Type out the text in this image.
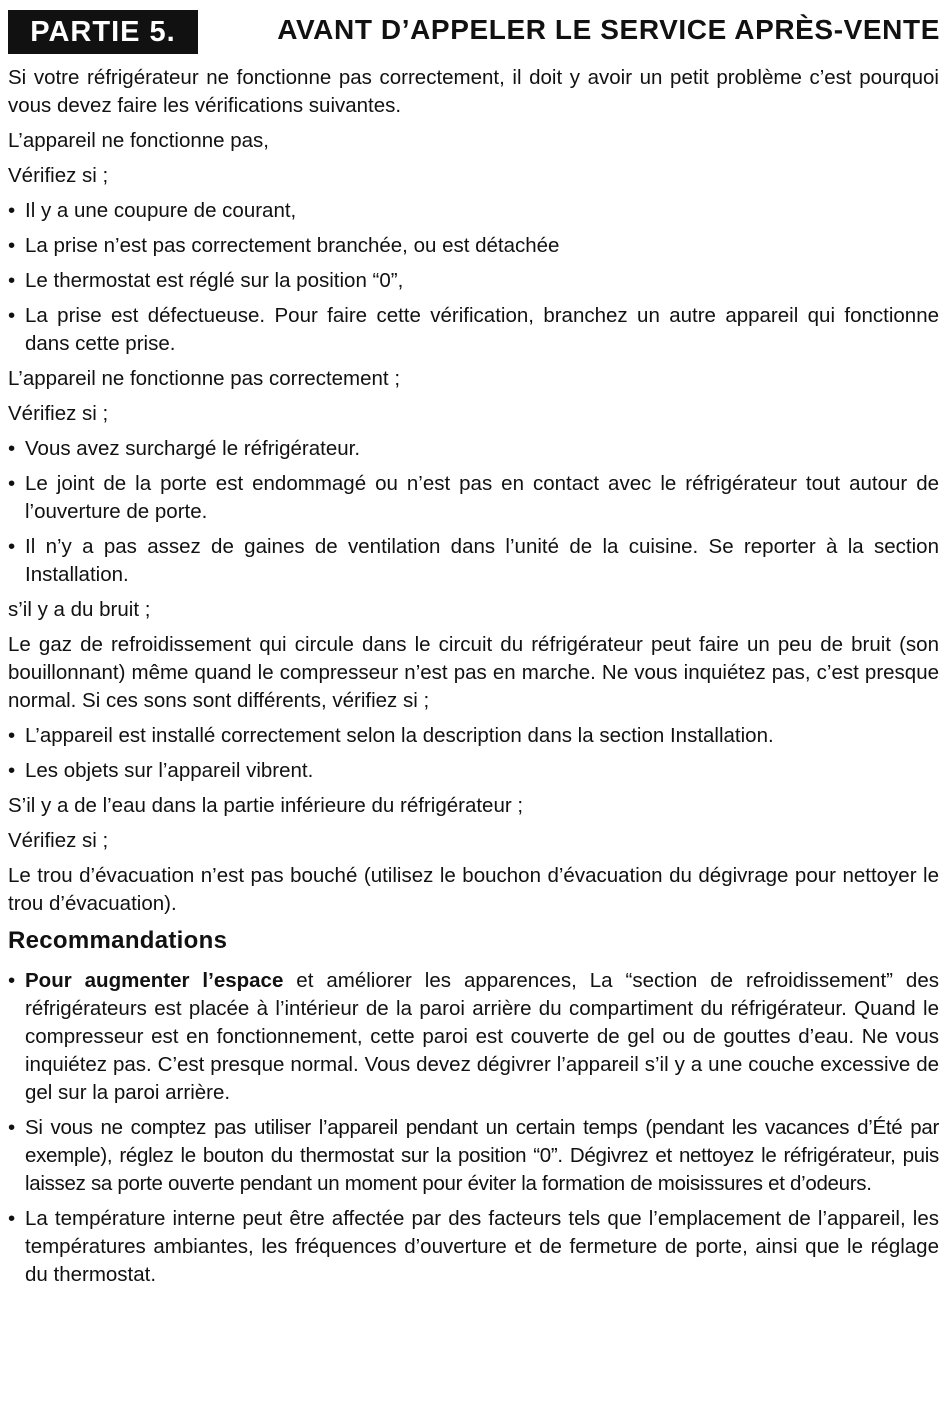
PARTIE 5.	AVANT D’APPELER LE SERVICE APRÈS-VENTE

Si votre réfrigérateur ne fonctionne pas correctement, il doit y avoir un petit problème c’est pourquoi vous devez faire les vérifications suivantes.

L’appareil ne fonctionne pas,

Vérifiez si ;

• Il y a une coupure de courant,
• La prise n’est pas correctement branchée, ou est détachée
• Le thermostat est réglé sur la position “0”,
• La prise est défectueuse. Pour faire cette vérification, branchez un autre appareil qui fonctionne dans cette prise.

L’appareil ne fonctionne pas correctement ;

Vérifiez si ;

• Vous avez surchargé le réfrigérateur.
• Le joint de la porte est endommagé ou n’est pas en contact avec le réfrigérateur tout autour de l’ouverture de porte.
• Il n’y a pas assez de gaines de ventilation dans l’unité de la cuisine. Se reporter à la section Installation.

s’il y a du bruit ;

Le gaz de refroidissement qui circule dans le circuit du réfrigérateur peut faire un peu de bruit (son bouillonnant) même quand le compresseur n’est pas en marche. Ne vous inquiétez pas, c’est presque normal. Si ces sons sont différents, vérifiez si ;

• L’appareil est installé correctement selon la description dans la section Installation.
• Les objets sur l’appareil vibrent.

S’il y a de l’eau dans la partie inférieure du réfrigérateur ;

Vérifiez si ;

Le trou d’évacuation n’est pas bouché (utilisez le bouchon d’évacuation du dégivrage pour nettoyer le trou d’évacuation).

Recommandations
• Pour augmenter l’espace et améliorer les apparences, La “section de refroidissement” des réfrigérateurs est placée à l’intérieur de la paroi arrière du compartiment du réfrigérateur. Quand le compresseur est en fonctionnement, cette paroi est couverte de gel ou de gouttes d’eau. Ne vous inquiétez pas. C’est presque normal. Vous devez dégivrer l’appareil s’il y a une couche excessive de gel sur la paroi arrière.
• Si vous ne comptez pas utiliser l’appareil pendant un certain temps (pendant les vacances d’Été par exemple), réglez le bouton du thermostat sur la position “0”. Dégivrez et nettoyez le réfrigérateur, puis laissez sa porte ouverte pendant un moment pour éviter la formation de moisissures et d’odeurs.
• La température interne peut être affectée par des facteurs tels que l’emplacement de l’appareil, les températures ambiantes, les fréquences d’ouverture et de fermeture de porte, ainsi que le réglage du thermostat.
